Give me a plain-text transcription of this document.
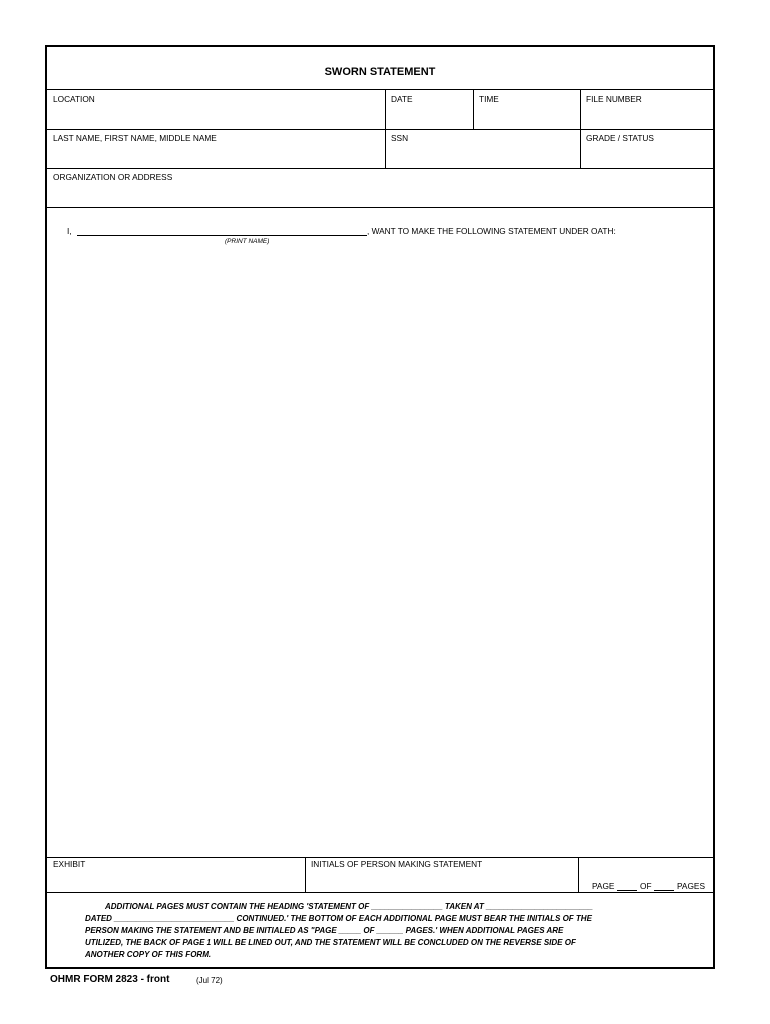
SWORN STATEMENT
LOCATION	DATE	TIME	FILE NUMBER
LAST NAME, FIRST NAME, MIDDLE NAME	SSN	GRADE / STATUS
ORGANIZATION OR ADDRESS
I,	, WANT TO MAKE THE FOLLOWING STATEMENT UNDER OATH:
(PRINT NAME)
EXHIBIT	INITIALS OF PERSON MAKING STATEMENT
PAGE	OF	PAGES
ADDITIONAL PAGES MUST CONTAIN THE HEADING 'STATEMENT OF ________________ TAKEN AT ________________________
DATED ___________________________ CONTINUED.' THE BOTTOM OF EACH ADDITIONAL PAGE MUST BEAR THE INITIALS OF THE
PERSON MAKING THE STATEMENT AND BE INITIALED AS "PAGE _____ OF ______ PAGES.' WHEN ADDITIONAL PAGES ARE
UTILIZED, THE BACK OF PAGE 1 WILL BE LINED OUT, AND THE STATEMENT WILL BE CONCLUDED ON THE REVERSE SIDE OF
ANOTHER COPY OF THIS FORM.
OHMR FORM 2823 - front	(Jul 72)
